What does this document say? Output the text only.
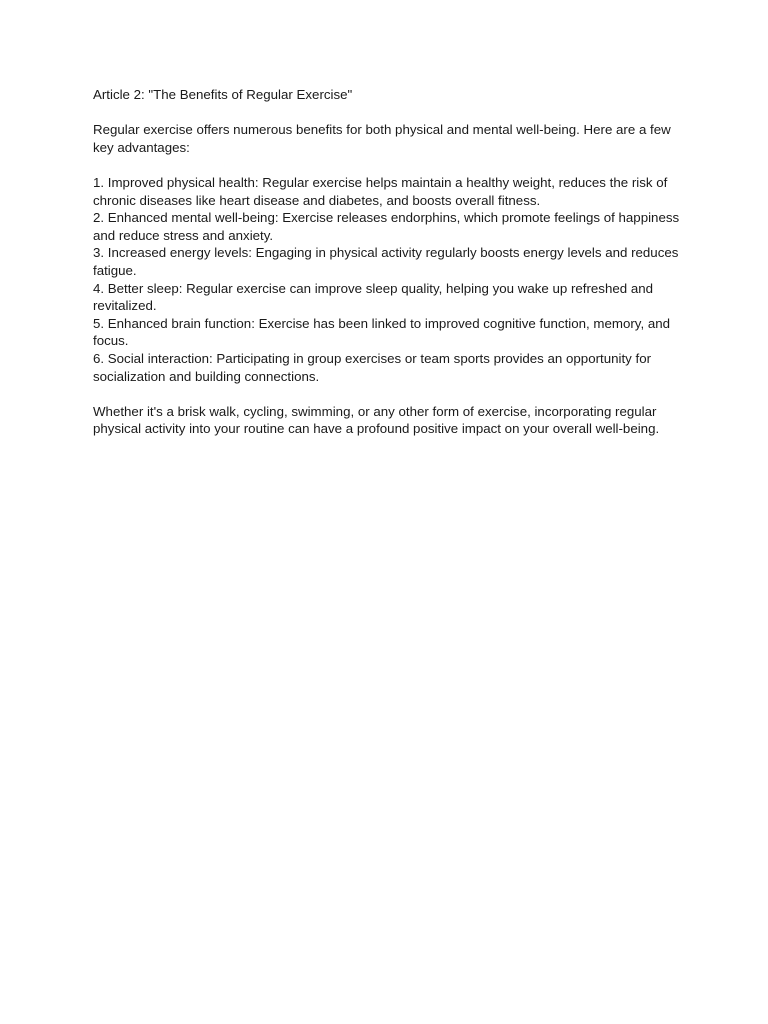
Article 2: "The Benefits of Regular Exercise"

Regular exercise offers numerous benefits for both physical and mental well-being. Here are a few key advantages:

1. Improved physical health: Regular exercise helps maintain a healthy weight, reduces the risk of chronic diseases like heart disease and diabetes, and boosts overall fitness.
2. Enhanced mental well-being: Exercise releases endorphins, which promote feelings of happiness and reduce stress and anxiety.
3. Increased energy levels: Engaging in physical activity regularly boosts energy levels and reduces fatigue.
4. Better sleep: Regular exercise can improve sleep quality, helping you wake up refreshed and revitalized.
5. Enhanced brain function: Exercise has been linked to improved cognitive function, memory, and focus.
6. Social interaction: Participating in group exercises or team sports provides an opportunity for socialization and building connections.

Whether it's a brisk walk, cycling, swimming, or any other form of exercise, incorporating regular physical activity into your routine can have a profound positive impact on your overall well-being.
